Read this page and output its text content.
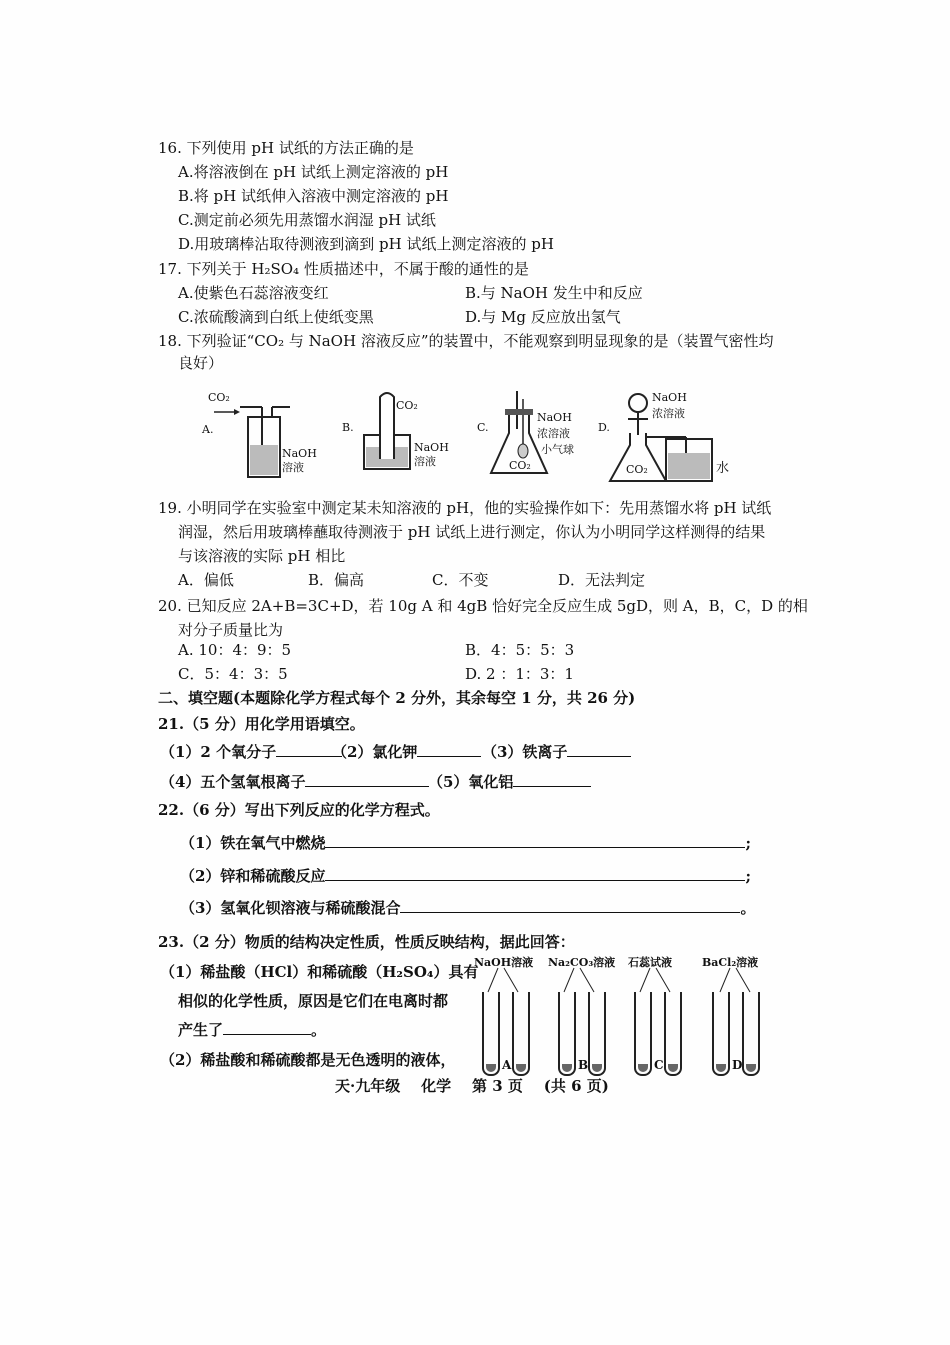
16. 下列使用 pH 试纸的方法正确的是
A.将溶液倒在 pH 试纸上测定溶液的 pH
B.将 pH 试纸伸入溶液中测定溶液的 pH
C.测定前必须先用蒸馏水润湿 pH 试纸
D.用玻璃棒沾取待测液到滴到 pH 试纸上测定溶液的 pH
17. 下列关于 H₂SO₄ 性质描述中，不属于酸的通性的是
A.使紫色石蕊溶液变红	B.与 NaOH 发生中和反应
C.浓硫酸滴到白纸上使纸变黑	D.与 Mg 反应放出氢气
18. 下列验证“CO₂ 与 NaOH 溶液反应”的装置中，不能观察到明显现象的是（装置气密性均
良好）
A.
CO₂
NaOH
溶液
B.
CO₂
NaOH
溶液
C.
NaOH
浓溶液
小气球
CO₂
D.
NaOH
浓溶液
CO₂	水
19. 小明同学在实验室中测定某未知溶液的 pH，他的实验操作如下：先用蒸馏水将 pH 试纸
润湿，然后用玻璃棒蘸取待测液于 pH 试纸上进行测定，你认为小明同学这样测得的结果
与该溶液的实际 pH 相比
A．偏低	B．偏高	C．不变	D．无法判定
20. 已知反应 2A+B=3C+D，若 10g A 和 4gB 恰好完全反应生成 5gD，则 A，B，C，D 的相
对分子质量比为
A. 10：4：9：5	B．4：5：5：3
C．5：4：3：5	D. 2 ：1：3：1
二、填空题(本题除化学方程式每个 2 分外，其余每空 1 分，共 26 分)
21.（5 分）用化学用语填空。
（1）2 个氧分子	（2）氯化钾	（3）铁离子
（4）五个氢氧根离子	（5）氧化铝
22.（6 分）写出下列反应的化学方程式。
（1）铁在氧气中燃烧	;
（2）锌和稀硫酸反应	;
（3）氢氧化钡溶液与稀硫酸混合	。
23.（2 分）物质的结构决定性质，性质反映结构，据此回答：
（1）稀盐酸（HCl）和稀硫酸（H₂SO₄）具有
相似的化学性质，原因是它们在电离时都
产生了	。
（2）稀盐酸和稀硫酸都是无色透明的液体，
NaOH溶液 Na₂CO₃溶液 石蕊试液	BaCl₂溶液
A	B	C	D
天·九年级    化学    第 3 页    (共 6 页)
